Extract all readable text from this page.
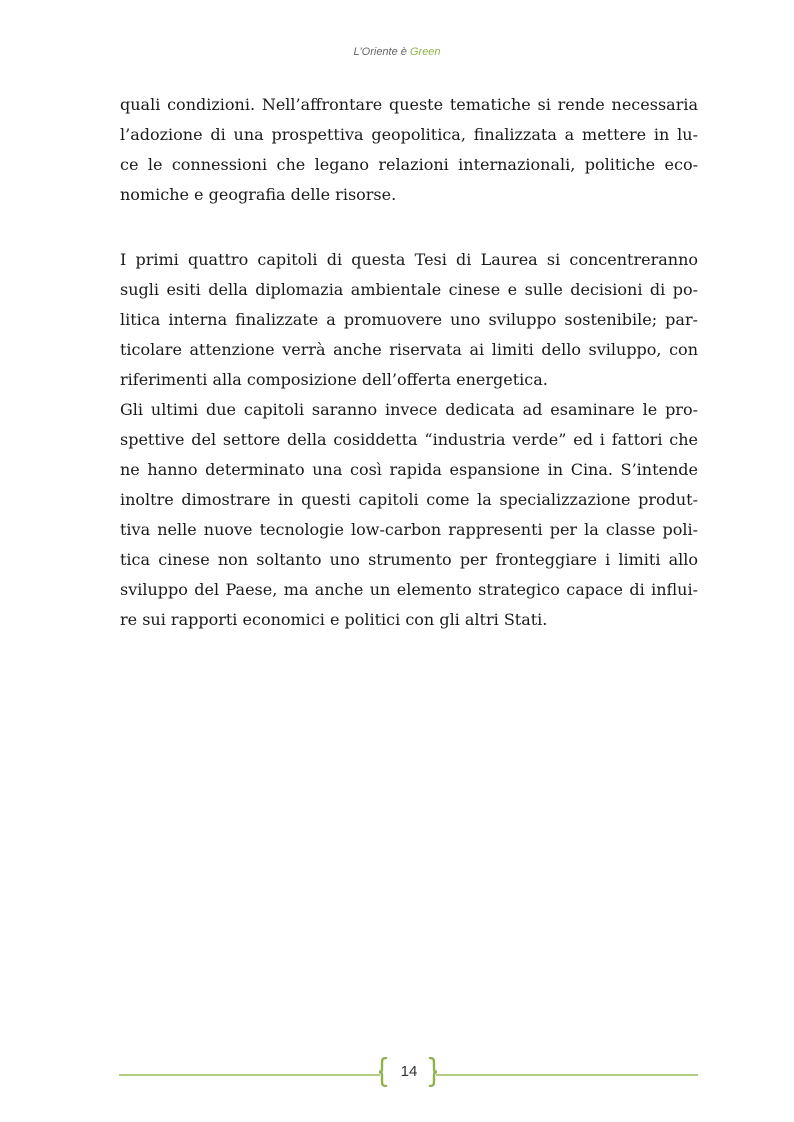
L'Oriente è Green
quali condizioni. Nell’affrontare queste tematiche si rende necessaria
l’adozione di una prospettiva geopolitica, finalizzata a mettere in lu-
ce le connessioni che legano relazioni internazionali, politiche eco-
nomiche e geografia delle risorse.
I primi quattro capitoli di questa Tesi di Laurea si concentreranno
sugli esiti della diplomazia ambientale cinese e sulle decisioni di po-
litica interna finalizzate a promuovere uno sviluppo sostenibile; par-
ticolare attenzione verrà anche riservata ai limiti dello sviluppo, con
riferimenti alla composizione dell’offerta energetica.
Gli ultimi due capitoli saranno invece dedicata ad esaminare le pro-
spettive del settore della cosiddetta “industria verde” ed i fattori che
ne hanno determinato una così rapida espansione in Cina. S’intende
inoltre dimostrare in questi capitoli come la specializzazione produt-
tiva nelle nuove tecnologie low-carbon rappresenti per la classe poli-
tica cinese non soltanto uno strumento per fronteggiare i limiti allo
sviluppo del Paese, ma anche un elemento strategico capace di influi-
re sui rapporti economici e politici con gli altri Stati.
14
